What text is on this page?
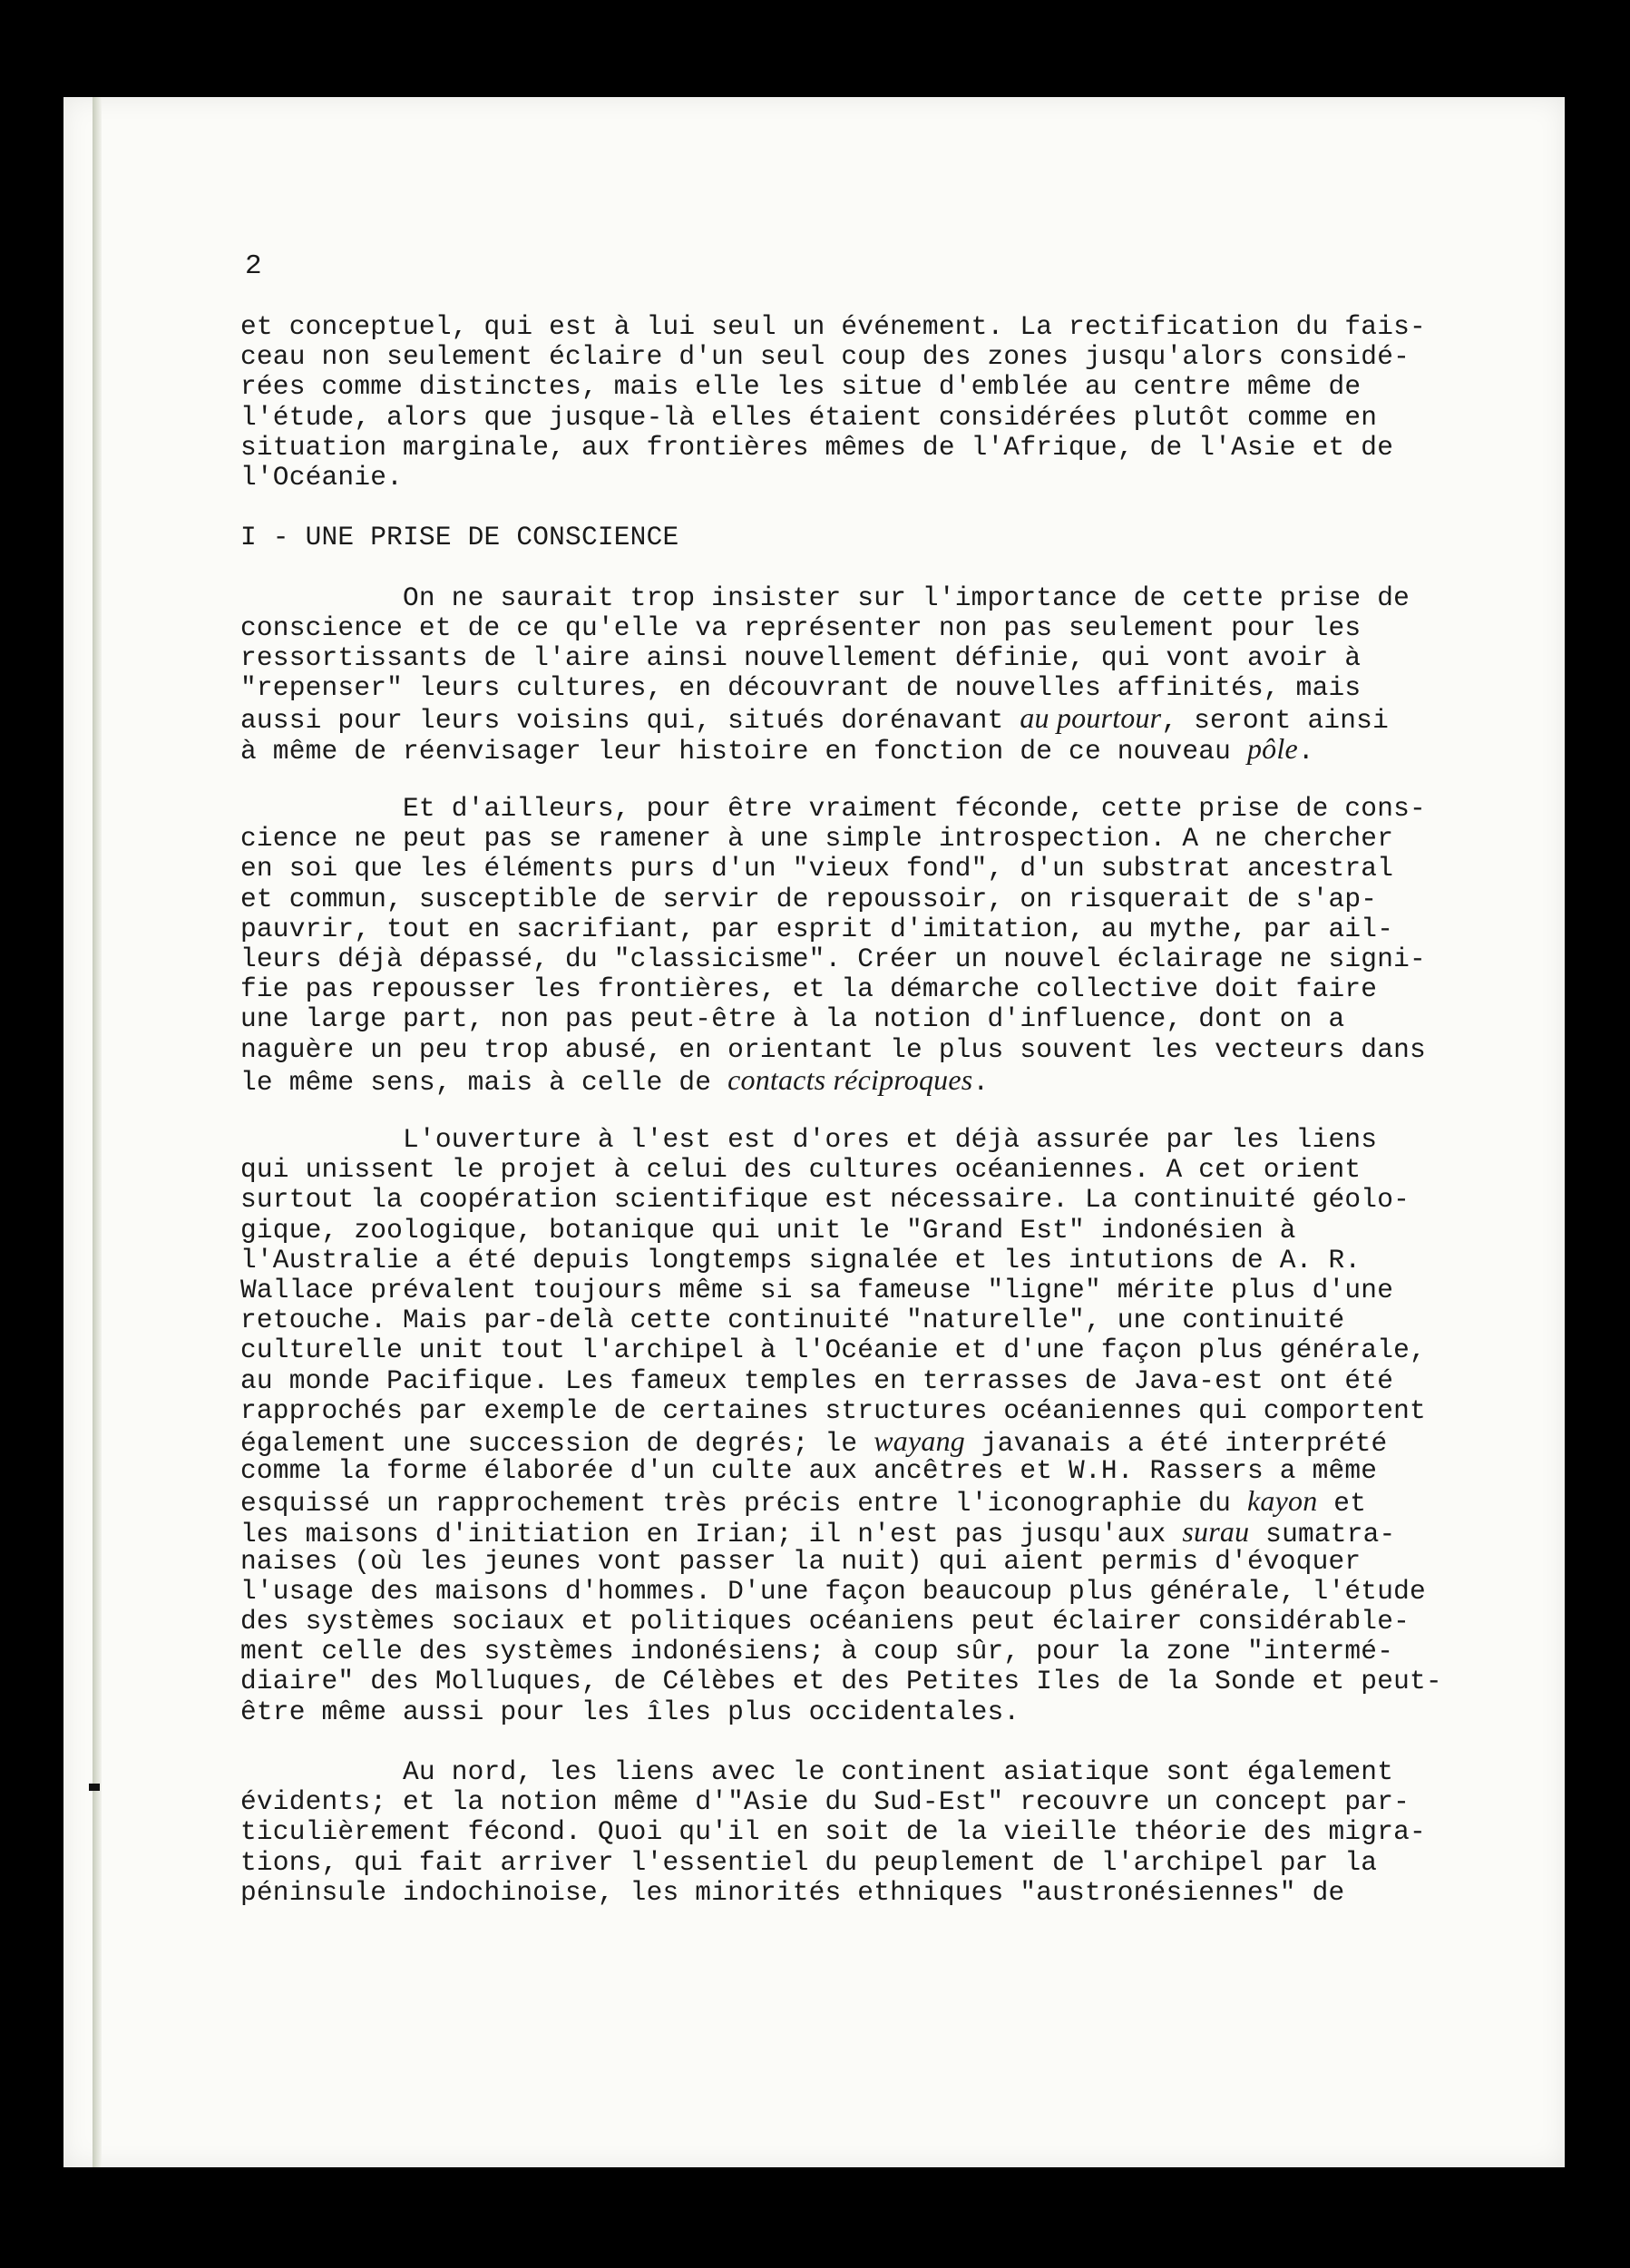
2
et conceptuel, qui est à lui seul un événement. La rectification du fais-
ceau non seulement éclaire d'un seul coup des zones jusqu'alors considé-
rées comme distinctes, mais elle les situe d'emblée au centre même de
l'étude, alors que jusque-là elles étaient considérées plutôt comme en
situation marginale, aux frontières mêmes de l'Afrique, de l'Asie et de
l'Océanie.
I - UNE PRISE DE CONSCIENCE
On ne saurait trop insister sur l'importance de cette prise de
conscience et de ce qu'elle va représenter non pas seulement pour les
ressortissants de l'aire ainsi nouvellement définie, qui vont avoir à
"repenser" leurs cultures, en découvrant de nouvelles affinités, mais
aussi pour leurs voisins qui, situés dorénavant au pourtour, seront ainsi
à même de réenvisager leur histoire en fonction de ce nouveau pôle.
Et d'ailleurs, pour être vraiment féconde, cette prise de cons-
cience ne peut pas se ramener à une simple introspection. A ne chercher
en soi que les éléments purs d'un "vieux fond", d'un substrat ancestral
et commun, susceptible de servir de repoussoir, on risquerait de s'ap-
pauvrir, tout en sacrifiant, par esprit d'imitation, au mythe, par ail-
leurs déjà dépassé, du "classicisme". Créer un nouvel éclairage ne signi-
fie pas repousser les frontières, et la démarche collective doit faire
une large part, non pas peut-être à la notion d'influence, dont on a
naguère un peu trop abusé, en orientant le plus souvent les vecteurs dans
le même sens, mais à celle de contacts réciproques.
L'ouverture à l'est est d'ores et déjà assurée par les liens
qui unissent le projet à celui des cultures océaniennes. A cet orient
surtout la coopération scientifique est nécessaire. La continuité géolo-
gique, zoologique, botanique qui unit le "Grand Est" indonésien à
l'Australie a été depuis longtemps signalée et les intutions de A. R.
Wallace prévalent toujours même si sa fameuse "ligne" mérite plus d'une
retouche. Mais par-delà cette continuité "naturelle", une continuité
culturelle unit tout l'archipel à l'Océanie et d'une façon plus générale,
au monde Pacifique. Les fameux temples en terrasses de Java-est ont été
rapprochés par exemple de certaines structures océaniennes qui comportent
également une succession de degrés; le wayang javanais a été interprété
comme la forme élaborée d'un culte aux ancêtres et W.H. Rassers a même
esquissé un rapprochement très précis entre l'iconographie du kayon et
les maisons d'initiation en Irian; il n'est pas jusqu'aux surau sumatra-
naises (où les jeunes vont passer la nuit) qui aient permis d'évoquer
l'usage des maisons d'hommes. D'une façon beaucoup plus générale, l'étude
des systèmes sociaux et politiques océaniens peut éclairer considérable-
ment celle des systèmes indonésiens; à coup sûr, pour la zone "intermé-
diaire" des Molluques, de Célèbes et des Petites Iles de la Sonde et peut-
être même aussi pour les îles plus occidentales.
Au nord, les liens avec le continent asiatique sont également
évidents; et la notion même d'"Asie du Sud-Est" recouvre un concept par-
ticulièrement fécond. Quoi qu'il en soit de la vieille théorie des migra-
tions, qui fait arriver l'essentiel du peuplement de l'archipel par la
péninsule indochinoise, les minorités ethniques "austronésiennes" de
